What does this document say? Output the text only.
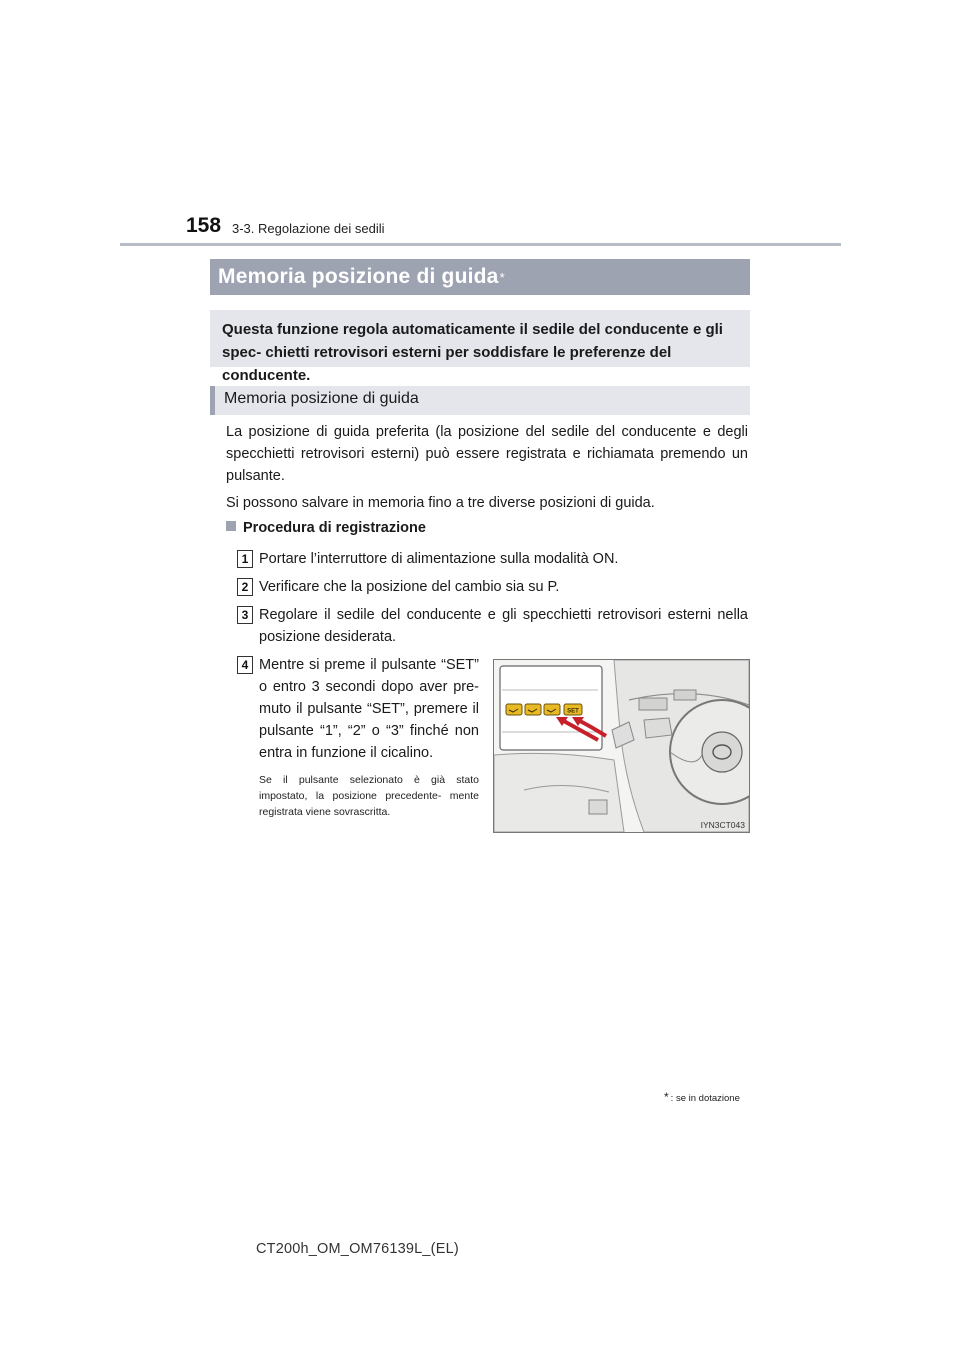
158 3-3. Regolazione dei sedili
Memoria posizione di guida *
Questa funzione regola automaticamente il sedile del conducente e gli spec- chietti retrovisori esterni per soddisfare le preferenze del conducente.
Memoria posizione di guida
La posizione di guida preferita (la posizione del sedile del conducente e degli specchietti retrovisori esterni) può essere registrata e richiamata premendo un pulsante.
Si possono salvare in memoria fino a tre diverse posizioni di guida.
Procedura di registrazione
1 Portare l’interruttore di alimentazione sulla modalità ON.
2 Verificare che la posizione del cambio sia su P.
3 Regolare il sedile del conducente e gli specchietti retrovisori esterni nella posizione desiderata.
4 Mentre si preme il pulsante “SET” o entro 3 secondi dopo aver pre- muto il pulsante “SET”, premere il pulsante “1”, “2” o “3” finché non entra in funzione il cicalino.
Se il pulsante selezionato è già stato impostato, la posizione precedente- mente registrata viene sovrascritta.
SET
IYN3CT043
* : se in dotazione
CT200h_OM_OM76139L_(EL)
